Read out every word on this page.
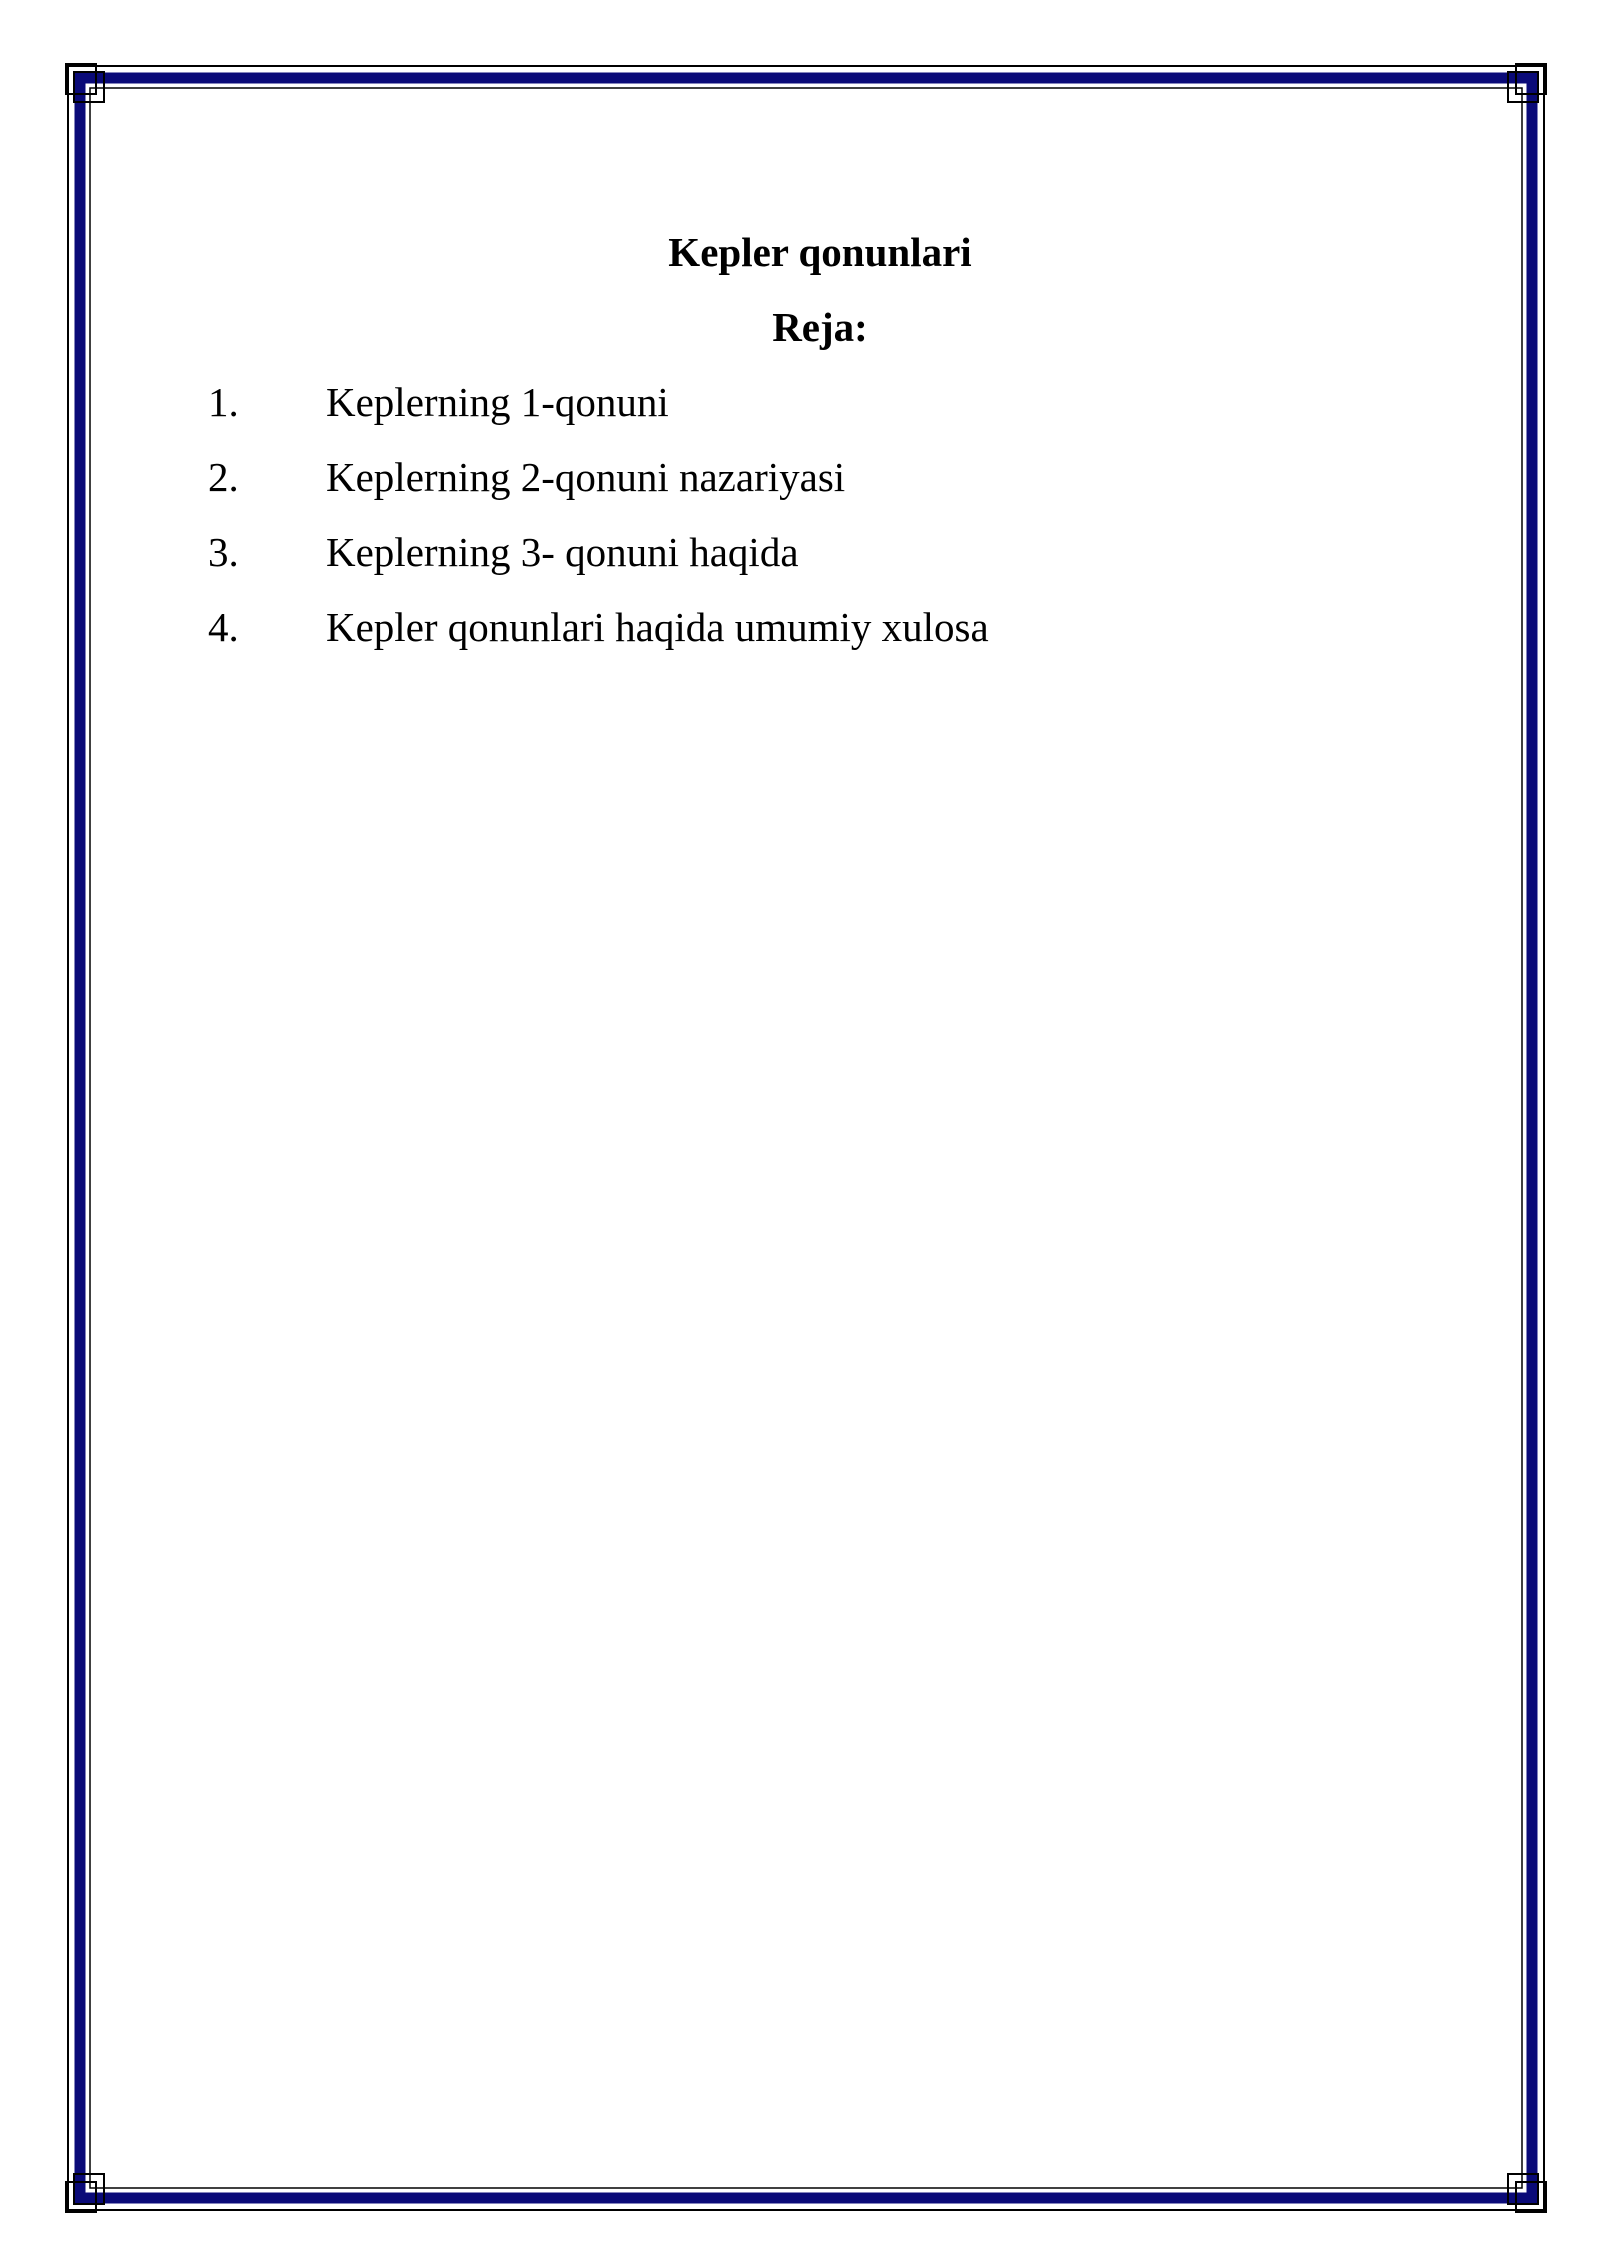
Kepler qonunlari
Reja:
1. Keplerning 1-qonuni
2. Keplerning 2-qonuni nazariyasi
3. Keplerning 3- qonuni haqida
4. Kepler qonunlari haqida umumiy xulosa
